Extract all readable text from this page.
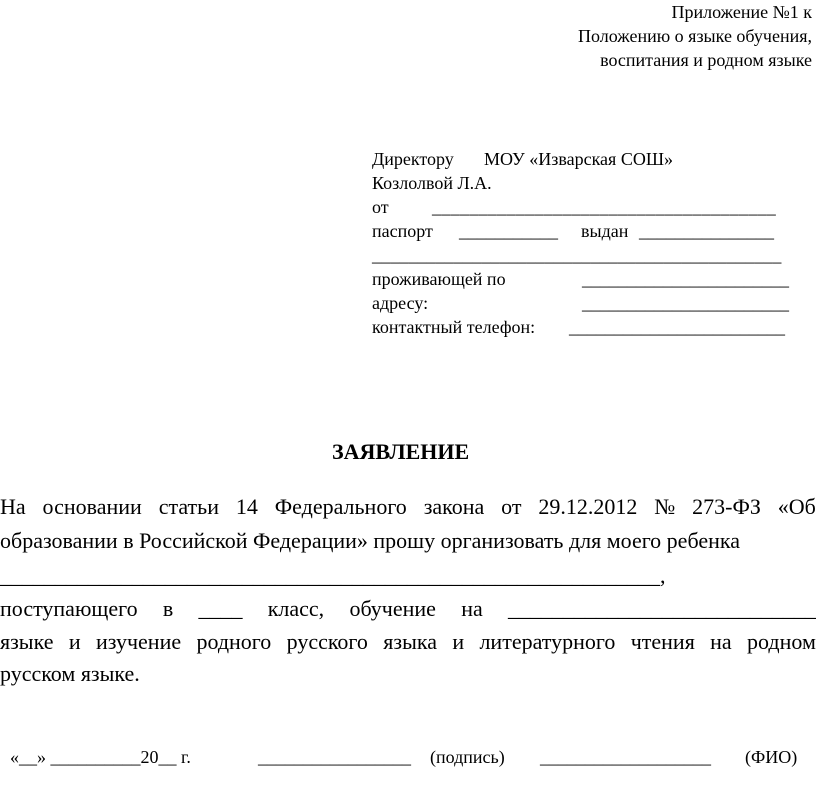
Приложение №1 к
Положению о языке обучения,
воспитания и родном языке
Директору МОУ «Изварская СОШ»
Козлолвой Л.А.
от _____________________________________
паспорт ___________ выдан _______________
_____________________________________________
проживающей по	_______________________
адресу:	_______________________
контактный телефон: ________________________
ЗАЯВЛЕНИЕ
На основании статьи 14 Федерального закона от 29.12.2012 № 273-ФЗ «Об
образовании в Российской Федерации» прошу организовать для моего ребенка
____________________________________________________________,
поступающего в ____ класс, обучение на ____________________________
языке и изучение родного русского языка и литературного чтения на родном
русском языке.
«__» __________20__ г.	_________________ (подпись) ___________________ (ФИО)
